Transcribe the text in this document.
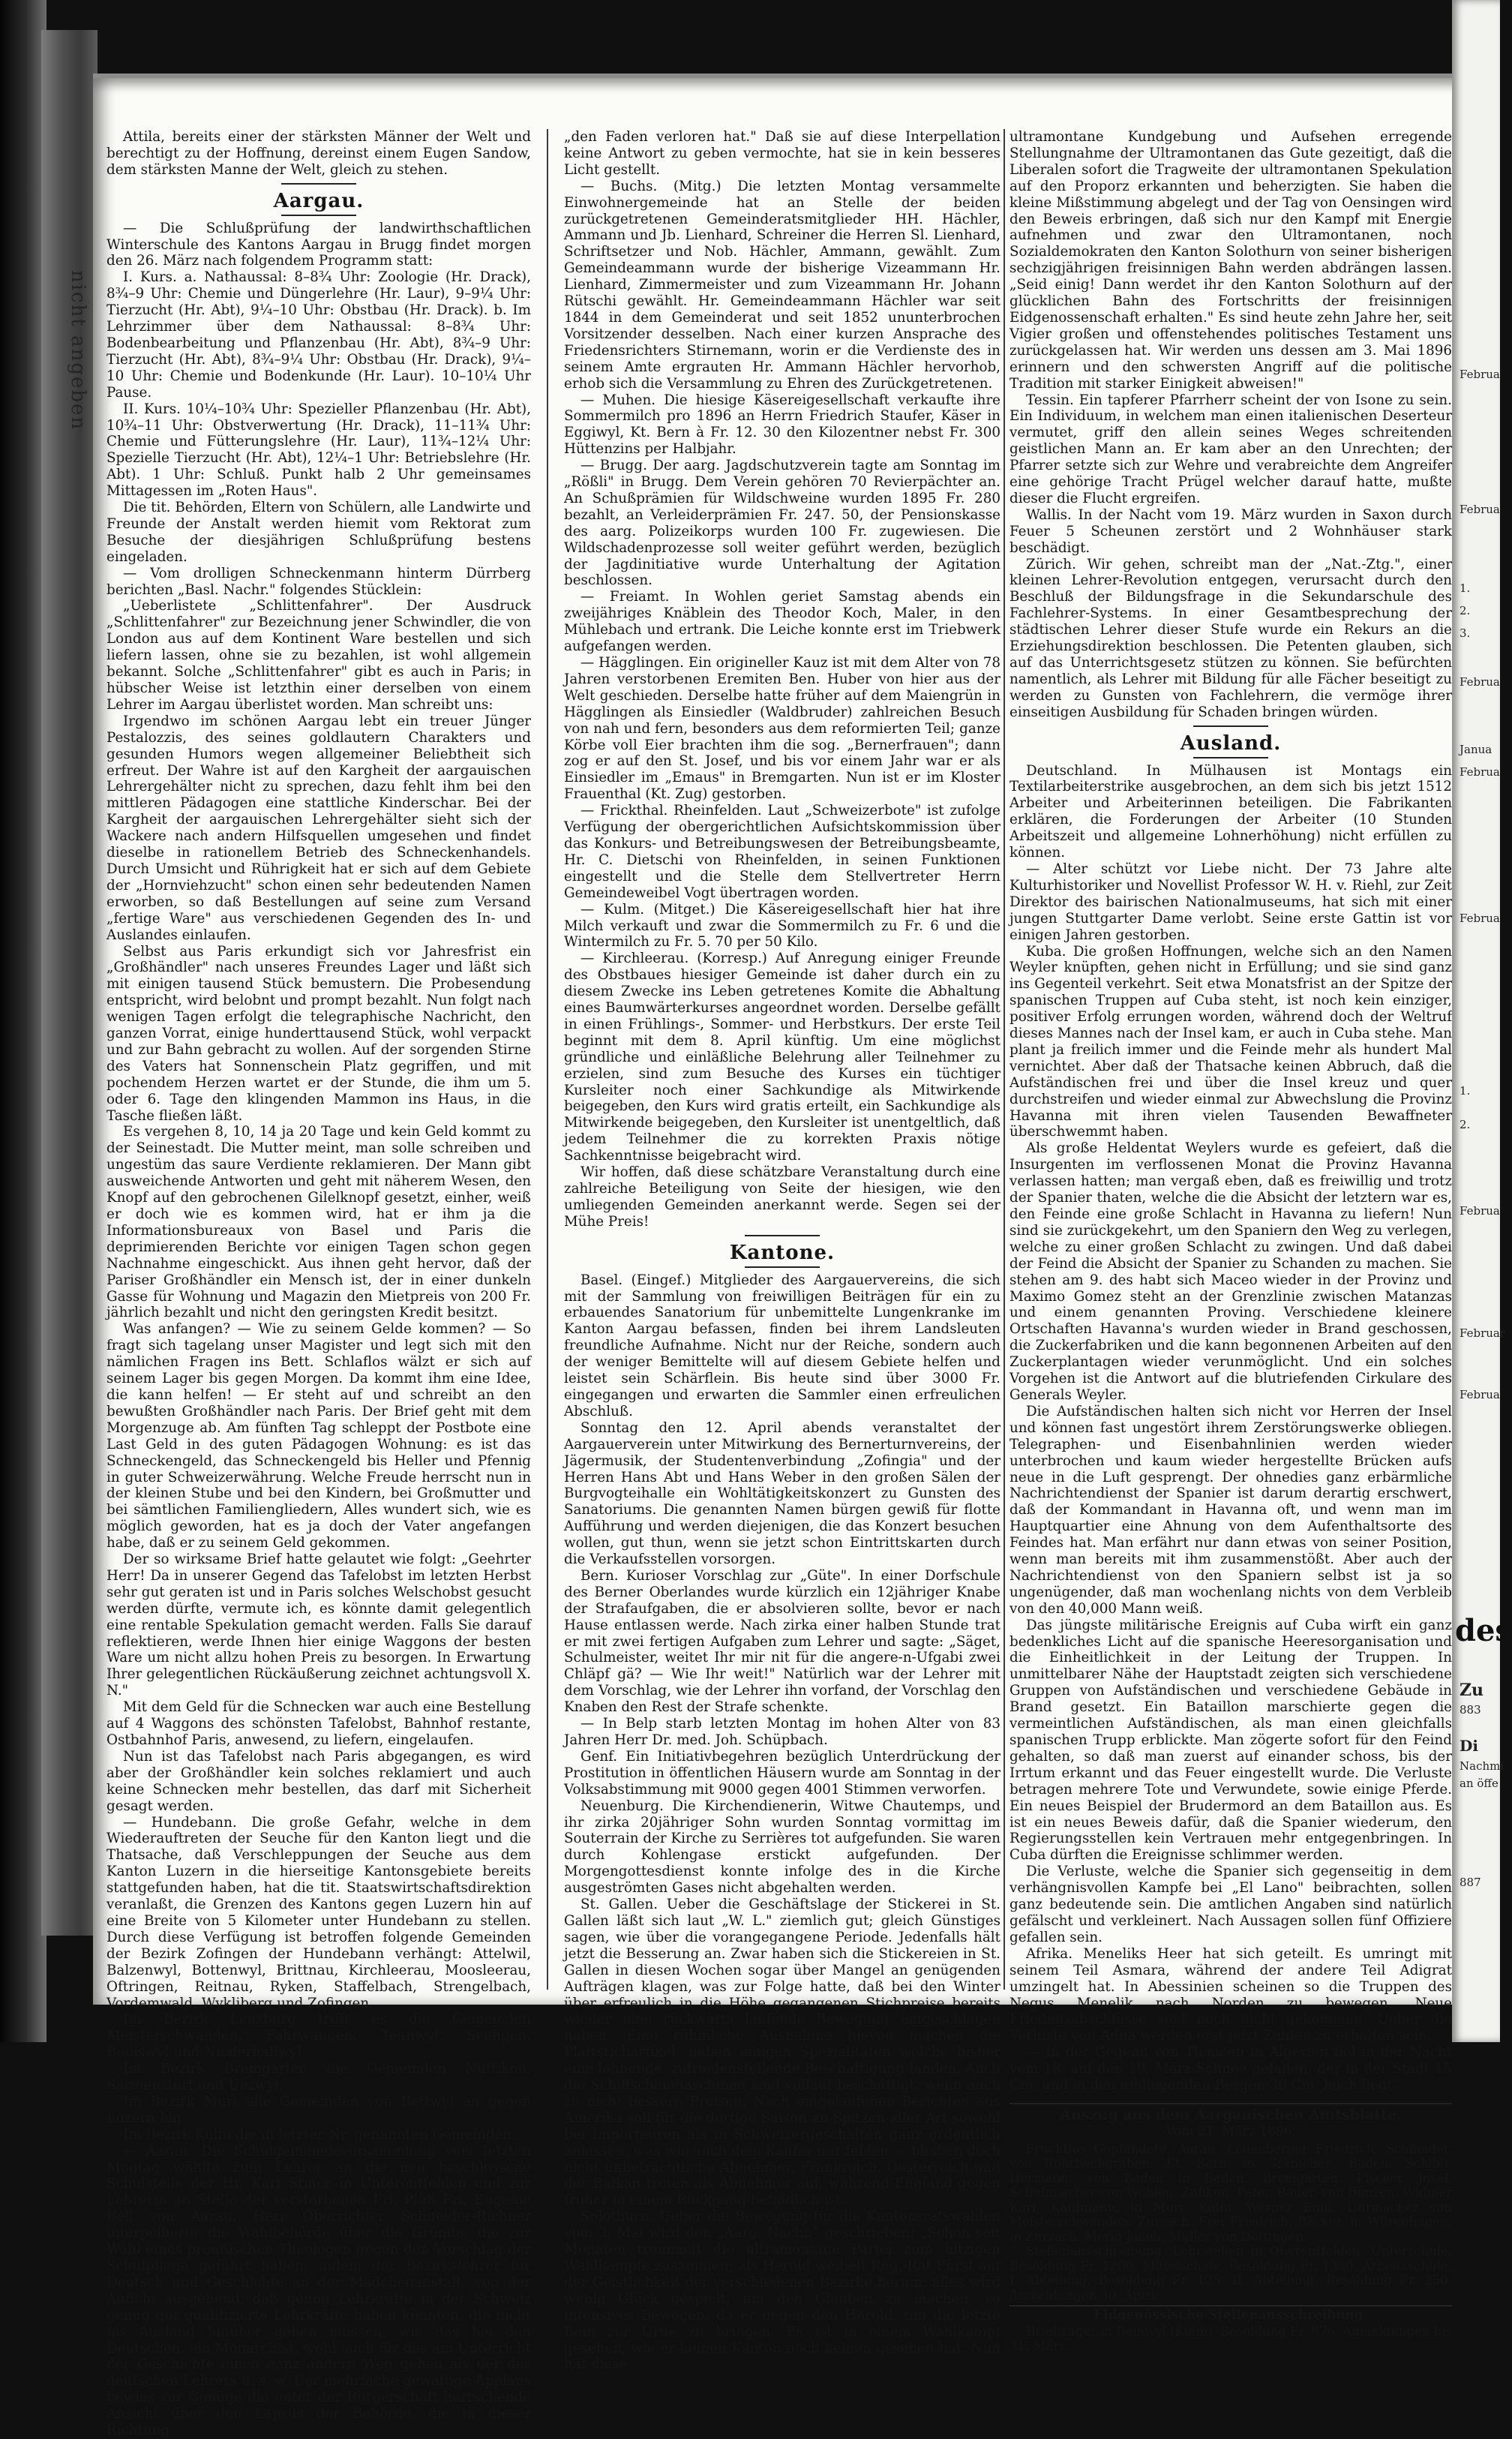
nicht angeben

Attila, bereits einer der stärksten Männer der Welt und berechtigt zu der Hoffnung, dereinst einem Eugen Sandow, dem stärksten Manne der Welt, gleich zu stehen.

Aargau.

— Die Schlußprüfung der landwirthschaftlichen Winterschule des Kantons Aargau in Brugg findet morgen den 26. März nach folgendem Programm statt:

I. Kurs. a. Nathaussal: 8–8¾ Uhr: Zoologie (Hr. Drack), 8¾–9 Uhr: Chemie und Düngerlehre (Hr. Laur), 9–9¼ Uhr: Tierzucht (Hr. Abt), 9¼–10 Uhr: Obstbau (Hr. Drack). b. Im Lehrzimmer über dem Nathaussal: 8–8¾ Uhr: Bodenbearbeitung und Pflanzenbau (Hr. Abt), 8¾–9 Uhr: Tierzucht (Hr. Abt), 8¾–9¼ Uhr: Obstbau (Hr. Drack), 9¼–10 Uhr: Chemie und Bodenkunde (Hr. Laur). 10–10¼ Uhr Pause.

II. Kurs. 10¼–10¾ Uhr: Spezieller Pflanzenbau (Hr. Abt), 10¾–11 Uhr: Obstverwertung (Hr. Drack), 11–11¾ Uhr: Chemie und Fütterungslehre (Hr. Laur), 11¾–12¼ Uhr: Spezielle Tierzucht (Hr. Abt), 12¼–1 Uhr: Betriebslehre (Hr. Abt). 1 Uhr: Schluß. Punkt halb 2 Uhr gemeinsames Mittagessen im „Roten Haus".

Die tit. Behörden, Eltern von Schülern, alle Landwirte und Freunde der Anstalt werden hiemit vom Rektorat zum Besuche der diesjährigen Schlußprüfung bestens eingeladen.

— Vom drolligen Schneckenmann hinterm Dürrberg berichten „Basl. Nachr." folgendes Stücklein:

„Ueberlistete „Schlittenfahrer". Der Ausdruck „Schlittenfahrer" zur Bezeichnung jener Schwindler, die von London aus auf dem Kontinent Ware bestellen und sich liefern lassen, ohne sie zu bezahlen, ist wohl allgemein bekannt. Solche „Schlittenfahrer" gibt es auch in Paris; in hübscher Weise ist letzthin einer derselben von einem Lehrer im Aargau überlistet worden. Man schreibt uns:

Irgendwo im schönen Aargau lebt ein treuer Jünger Pestalozzis, des seines goldlautern Charakters und gesunden Humors wegen allgemeiner Beliebtheit sich erfreut. Der Wahre ist auf den Kargheit der aargauischen Lehrergehälter nicht zu sprechen, dazu fehlt ihm bei den mittleren Pädagogen eine stattliche Kinderschar. Bei der Kargheit der aargauischen Lehrergehälter sieht sich der Wackere nach andern Hilfsquellen umgesehen und findet dieselbe in rationellem Betrieb des Schneckenhandels. Durch Umsicht und Rührigkeit hat er sich auf dem Gebiete der „Hornviehzucht" schon einen sehr bedeutenden Namen erworben, so daß Bestellungen auf seine zum Versand „fertige Ware" aus verschiedenen Gegenden des In- und Auslandes einlaufen.

Selbst aus Paris erkundigt sich vor Jahresfrist ein „Großhändler" nach unseres Freundes Lager und läßt sich mit einigen tausend Stück bemustern. Die Probesendung entspricht, wird belobnt und prompt bezahlt. Nun folgt nach wenigen Tagen erfolgt die telegraphische Nachricht, den ganzen Vorrat, einige hunderttausend Stück, wohl verpackt und zur Bahn gebracht zu wollen. Auf der sorgenden Stirne des Vaters hat Sonnenschein Platz gegriffen, und mit pochendem Herzen wartet er der Stunde, die ihm um 5. oder 6. Tage den klingenden Mammon ins Haus, in die Tasche fließen läßt.

Es vergehen 8, 10, 14 ja 20 Tage und kein Geld kommt zu der Seinestadt. Die Mutter meint, man solle schreiben und ungestüm das saure Verdiente reklamieren. Der Mann gibt ausweichende Antworten und geht mit näherem Wesen, den Knopf auf den gebrochenen Gilelknopf gesetzt, einher, weiß er doch wie es kommen wird, hat er ihm ja die Informationsbureaux von Basel und Paris die deprimierenden Berichte vor einigen Tagen schon gegen Nachnahme eingeschickt. Aus ihnen geht hervor, daß der Pariser Großhändler ein Mensch ist, der in einer dunkeln Gasse für Wohnung und Magazin den Mietpreis von 200 Fr. jährlich bezahlt und nicht den geringsten Kredit besitzt.

Was anfangen? — Wie zu seinem Gelde kommen? — So fragt sich tagelang unser Magister und legt sich mit den nämlichen Fragen ins Bett. Schlaflos wälzt er sich auf seinem Lager bis gegen Morgen. Da kommt ihm eine Idee, die kann helfen! — Er steht auf und schreibt an den bewußten Großhändler nach Paris. Der Brief geht mit dem Morgenzuge ab. Am fünften Tag schleppt der Postbote eine Last Geld in des guten Pädagogen Wohnung: es ist das Schneckengeld, das Schneckengeld bis Heller und Pfennig in guter Schweizerwährung. Welche Freude herrscht nun in der kleinen Stube und bei den Kindern, bei Großmutter und bei sämtlichen Familiengliedern, Alles wundert sich, wie es möglich geworden, hat es ja doch der Vater angefangen habe, daß er zu seinem Geld gekommen.

Der so wirksame Brief hatte gelautet wie folgt: „Geehrter Herr! Da in unserer Gegend das Tafelobst im letzten Herbst sehr gut geraten ist und in Paris solches Welschobst gesucht werden dürfte, vermute ich, es könnte damit gelegentlich eine rentable Spekulation gemacht werden. Falls Sie darauf reflektieren, werde Ihnen hier einige Waggons der besten Ware um nicht allzu hohen Preis zu besorgen. In Erwartung Ihrer gelegentlichen Rückäußerung zeichnet achtungsvoll X. N."

Mit dem Geld für die Schnecken war auch eine Bestellung auf 4 Waggons des schönsten Tafelobst, Bahnhof restante, Ostbahnhof Paris, anwesend, zu liefern, eingelaufen.

Nun ist das Tafelobst nach Paris abgegangen, es wird aber der Großhändler kein solches reklamiert und auch keine Schnecken mehr bestellen, das darf mit Sicherheit gesagt werden.

— Hundebann. Die große Gefahr, welche in dem Wiederauftreten der Seuche für den Kanton liegt und die Thatsache, daß Verschleppungen der Seuche aus dem Kanton Luzern in die hierseitige Kantonsgebiete bereits stattgefunden haben, hat die tit. Staatswirtschaftsdirektion veranlaßt, die Grenzen des Kantons gegen Luzern hin auf eine Breite von 5 Kilometer unter Hundebann zu stellen. Durch diese Verfügung ist betroffen folgende Gemeinden der Bezirk Zofingen der Hundebann verhängt: Attelwil, Balzenwyl, Bottenwyl, Brittnau, Kirchleerau, Moosleerau, Oftringen, Reitnau, Ryken, Staffelbach, Strengelbach, Vordemwald, Wykliberg und Zofingen.

Im Bezirk Lenzburg trifft es die Gemeinden Meisterschwanden, Fahrwangen, Tennwyl, Seengen, Boniswyl und Niederhallwyl.

Im Bezirk Bremgarten die Gemeinden Nüttikon, Sarmenstorf und Uezwyl.

Im Bezirk Muri alle Gemeinden von Bettwyl an gegen Luzern hin.

Im Bezirk Kulm die in letzter Nr. genannten Gemeinden.

— Aarau. Die Schulgemeindeversammlung vom letzten Montag wählte zum Lehrer an die neu beschlossene Schulstelle der Hr. Karl Stiner in Unterentfelden und zur Lehrerin an Stelle der verstorbenen Frl. Plüß Frl. Eugenie Bell von Aarau. Herr Oberrichter Schneider-Richner interpellierte die Wahlbehörde über die Gründe, die zur Wahl eines preußischen Theologen gegen den Vorschlag der Schulpflege geführt haben, indem der Bezirkslehrer für Deutsch und Geschichte an der Mädchenanstalt, von der Anficht ausgehend, daß genug Lehrkräfte in der Schweiz genug gut qualifizierte Lehrkräfte haben könnten, die nicht ins Ausland hinüber gehen müssen, wie das bei den Deutschen, ein Monarchist, wohl auch für das am Unterricht der Geschichte einen ganz andern Weg gehen als der des deutschen Lehrers u. s. w. Der mehrfache gewaltige Applaus bewies zur Genüge die unter der Bürgerschaft herrschende Ansicht über den Lapsus der Behörde, die in dieser Richtung

„den Faden verloren hat." Daß sie auf diese Interpellation keine Antwort zu geben vermochte, hat sie in kein besseres Licht gestellt.

— Buchs. (Mitg.) Die letzten Montag versammelte Einwohnergemeinde hat an Stelle der beiden zurückgetretenen Gemeinderatsmitglieder HH. Hächler, Ammann und Jb. Lienhard, Schreiner die Herren Sl. Lienhard, Schriftsetzer und Nob. Hächler, Ammann, gewählt. Zum Gemeindeammann wurde der bisherige Vizeammann Hr. Lienhard, Zimmermeister und zum Vizeammann Hr. Johann Rütschi gewählt. Hr. Gemeindeammann Hächler war seit 1844 in dem Gemeinderat und seit 1852 ununterbrochen Vorsitzender desselben. Nach einer kurzen Ansprache des Friedensrichters Stirnemann, worin er die Verdienste des in seinem Amte ergrauten Hr. Ammann Hächler hervorhob, erhob sich die Versammlung zu Ehren des Zurückgetretenen.

— Muhen. Die hiesige Käsereigesellschaft verkaufte ihre Sommermilch pro 1896 an Herrn Friedrich Staufer, Käser in Eggiwyl, Kt. Bern à Fr. 12. 30 den Kilozentner nebst Fr. 300 Hüttenzins per Halbjahr.

— Brugg. Der aarg. Jagdschutzverein tagte am Sonntag im „Rößli" in Brugg. Dem Verein gehören 70 Revierpächter an. An Schußprämien für Wildschweine wurden 1895 Fr. 280 bezahlt, an Verleiderprämien Fr. 247. 50, der Pensionskasse des aarg. Polizeikorps wurden 100 Fr. zugewiesen. Die Wildschadenprozesse soll weiter geführt werden, bezüglich der Jagdinitiative wurde Unterhaltung der Agitation beschlossen.

— Freiamt. In Wohlen geriet Samstag abends ein zweijähriges Knäblein des Theodor Koch, Maler, in den Mühlebach und ertrank. Die Leiche konnte erst im Triebwerk aufgefangen werden.

— Hägglingen. Ein origineller Kauz ist mit dem Alter von 78 Jahren verstorbenen Eremiten Ben. Huber von hier aus der Welt geschieden. Derselbe hatte früher auf dem Maiengrün in Hägglingen als Einsiedler (Waldbruder) zahlreichen Besuch von nah und fern, besonders aus dem reformierten Teil; ganze Körbe voll Eier brachten ihm die sog. „Bernerfrauen"; dann zog er auf den St. Josef, und bis vor einem Jahr war er als Einsiedler im „Emaus" in Bremgarten. Nun ist er im Kloster Frauenthal (Kt. Zug) gestorben.

— Frickthal. Rheinfelden. Laut „Schweizerbote" ist zufolge Verfügung der obergerichtlichen Aufsichtskommission über das Konkurs- und Betreibungswesen der Betreibungsbeamte, Hr. C. Dietschi von Rheinfelden, in seinen Funktionen eingestellt und die Stelle dem Stellvertreter Herrn Gemeindeweibel Vogt übertragen worden.

— Kulm. (Mitget.) Die Käsereigesellschaft hier hat ihre Milch verkauft und zwar die Sommermilch zu Fr. 6 und die Wintermilch zu Fr. 5. 70 per 50 Kilo.

— Kirchleerau. (Korresp.) Auf Anregung einiger Freunde des Obstbaues hiesiger Gemeinde ist daher durch ein zu diesem Zwecke ins Leben getretenes Komite die Abhaltung eines Baumwärterkurses angeordnet worden. Derselbe gefällt in einen Frühlings-, Sommer- und Herbstkurs. Der erste Teil beginnt mit dem 8. April künftig. Um eine möglichst gründliche und einläßliche Belehrung aller Teilnehmer zu erzielen, sind zum Besuche des Kurses ein tüchtiger Kursleiter noch einer Sachkundige als Mitwirkende beigegeben, den Kurs wird gratis erteilt, ein Sachkundige als Mitwirkende beigegeben, den Kursleiter ist unentgeltlich, daß jedem Teilnehmer die zu korrekten Praxis nötige Sachkenntnisse beigebracht wird.

Wir hoffen, daß diese schätzbare Veranstaltung durch eine zahlreiche Beteiligung von Seite der hiesigen, wie den umliegenden Gemeinden anerkannt werde. Segen sei der Mühe Preis!

Kantone.

Basel. (Eingef.) Mitglieder des Aargauervereins, die sich mit der Sammlung von freiwilligen Beiträgen für ein zu erbauendes Sanatorium für unbemittelte Lungenkranke im Kanton Aargau befassen, finden bei ihrem Landsleuten freundliche Aufnahme. Nicht nur der Reiche, sondern auch der weniger Bemittelte will auf diesem Gebiete helfen und leistet sein Schärflein. Bis heute sind über 3000 Fr. eingegangen und erwarten die Sammler einen erfreulichen Abschluß.

Sonntag den 12. April abends veranstaltet der Aargauerverein unter Mitwirkung des Bernerturnvereins, der Jägermusik, der Studentenverbindung „Zofingia" und der Herren Hans Abt und Hans Weber in den großen Sälen der Burgvogteihalle ein Wohltätigkeitskonzert zu Gunsten des Sanatoriums. Die genannten Namen bürgen gewiß für flotte Aufführung und werden diejenigen, die das Konzert besuchen wollen, gut thun, wenn sie jetzt schon Eintrittskarten durch die Verkaufsstellen vorsorgen.

Bern. Kurioser Vorschlag zur „Güte". In einer Dorfschule des Berner Oberlandes wurde kürzlich ein 12jähriger Knabe der Strafaufgaben, die er absolvieren sollte, bevor er nach Hause entlassen werde. Nach zirka einer halben Stunde trat er mit zwei fertigen Aufgaben zum Lehrer und sagte: „Säget, Schulmeister, weitet Ihr mir nit für die angere-n-Ufgabi zwei Chläpf gä? — Wie Ihr weit!" Natürlich war der Lehrer mit dem Vorschlag, wie der Lehrer ihn vorfand, der Vorschlag den Knaben den Rest der Strafe schenkte.

— In Belp starb letzten Montag im hohen Alter von 83 Jahren Herr Dr. med. Joh. Schüpbach.

Genf. Ein Initiativbegehren bezüglich Unterdrückung der Prostitution in öffentlichen Häusern wurde am Sonntag in der Volksabstimmung mit 9000 gegen 4001 Stimmen verworfen.

Neuenburg. Die Kirchendienerin, Witwe Chautemps, und ihr zirka 20jähriger Sohn wurden Sonntag vormittag im Souterrain der Kirche zu Serrières tot aufgefunden. Sie waren durch Kohlengase erstickt aufgefunden. Der Morgengottesdienst konnte infolge des in die Kirche ausgeströmten Gases nicht abgehalten werden.

St. Gallen. Ueber die Geschäftslage der Stickerei in St. Gallen läßt sich laut „W. L." ziemlich gut; gleich Günstiges sagen, wie über die vorangegangene Periode. Jedenfalls hält jetzt die Besserung an. Zwar haben sich die Stickereien in St. Gallen in diesen Wochen sogar über Mangel an genügenden Aufträgen klagen, was zur Folge hatte, daß bei den Winter über erfreulich in die Höhe gegangenen Stichpreise bereits wieder eine rückwärts laufende Bewegung eingeschlagen haben. Eine rühmliche Ausnahme hievon machen die Plattstichartikel, neben einigen Spezialitäten welche bisher eine lohnende, zufriedenstellende Beschäftigung fanden. Auch die Schiffschenmaschinen sind vollauf beschäftigt, wenn auch zu nicht bessern Preisen. Nach eingelaufenen Berichten aus Amerika soll für die dortige Saison an Spitzen aller Art sowohl bei Importeuren als in Schweizergeschäften ganz ordentlich anlassen, was wie auch dem Käufer nur fehlen — bleiben doch nicht unbeträchtliche Abnehmer. Frankreich, Oesterreich und der Balkan treten als Abnehmer auf, während England gegen früher in einem Rückgang befindlich ist.

Solothurn. Ueber die Bewegung für die Kantonsratswahlen vom 3. Mai wird den „Aarg. Nachr." geschrieben: „Schon seit Monaten trommelt die ultramontane Partei zum hitzigen Wahlkampfe zusammen; als Herold weibelt Reg.-Rat Fürst auf der Geistlichkeit der verschiedenen Bezirke herum; alles wird wenig Glück gespielt, um den Glauben zu machen, so intensives Bewegen, da er gegen den Herold, um die letzte Bein zur Urne zu bringen. Es ist in einem Wahlkampf gesehen, wie er keinen Kanton noch keinen gesehen hat. Nun hat diese

ultramontane Kundgebung und Aufsehen erregende Stellungnahme der Ultramontanen das Gute gezeitigt, daß die Liberalen sofort die Tragweite der ultramontanen Spekulation auf den Proporz erkannten und beherzigten. Sie haben die kleine Mißstimmung abgelegt und der Tag von Oensingen wird den Beweis erbringen, daß sich nur den Kampf mit Energie aufnehmen und zwar den Ultramontanen, noch Sozialdemokraten den Kanton Solothurn von seiner bisherigen sechzigjährigen freisinnigen Bahn werden abdrängen lassen. „Seid einig! Dann werdet ihr den Kanton Solothurn auf der glücklichen Bahn des Fortschritts der freisinnigen Eidgenossenschaft erhalten." Es sind heute zehn Jahre her, seit Vigier großen und offenstehendes politisches Testament uns zurückgelassen hat. Wir werden uns dessen am 3. Mai 1896 erinnern und den schwersten Angriff auf die politische Tradition mit starker Einigkeit abweisen!"

Tessin. Ein tapferer Pfarrherr scheint der von Isone zu sein. Ein Individuum, in welchem man einen italienischen Deserteur vermutet, griff den allein seines Weges schreitenden geistlichen Mann an. Er kam aber an den Unrechten; der Pfarrer setzte sich zur Wehre und verabreichte dem Angreifer eine gehörige Tracht Prügel welcher darauf hatte, mußte dieser die Flucht ergreifen.

Wallis. In der Nacht vom 19. März wurden in Saxon durch Feuer 5 Scheunen zerstört und 2 Wohnhäuser stark beschädigt.

Zürich. Wir gehen, schreibt man der „Nat.-Ztg.", einer kleinen Lehrer-Revolution entgegen, verursacht durch den Beschluß der Bildungsfrage in die Sekundarschule des Fachlehrer-Systems. In einer Gesamtbesprechung der städtischen Lehrer dieser Stufe wurde ein Rekurs an die Erziehungsdirektion beschlossen. Die Petenten glauben, sich auf das Unterrichtsgesetz stützen zu können. Sie befürchten namentlich, als Lehrer mit Bildung für alle Fächer beseitigt zu werden zu Gunsten von Fachlehrern, die vermöge ihrer einseitigen Ausbildung für Schaden bringen würden.

Ausland.

Deutschland. In Mülhausen ist Montags ein Textilarbeiterstrike ausgebrochen, an dem sich bis jetzt 1512 Arbeiter und Arbeiterinnen beteiligen. Die Fabrikanten erklären, die Forderungen der Arbeiter (10 Stunden Arbeitszeit und allgemeine Lohnerhöhung) nicht erfüllen zu können.

— Alter schützt vor Liebe nicht. Der 73 Jahre alte Kulturhistoriker und Novellist Professor W. H. v. Riehl, zur Zeit Direktor des bairischen Nationalmuseums, hat sich mit einer jungen Stuttgarter Dame verlobt. Seine erste Gattin ist vor einigen Jahren gestorben.

Kuba. Die großen Hoffnungen, welche sich an den Namen Weyler knüpften, gehen nicht in Erfüllung; und sie sind ganz ins Gegenteil verkehrt. Seit etwa Monatsfrist an der Spitze der spanischen Truppen auf Cuba steht, ist noch kein einziger, positiver Erfolg errungen worden, während doch der Weltruf dieses Mannes nach der Insel kam, er auch in Cuba stehe. Man plant ja freilich immer und die Feinde mehr als hundert Mal vernichtet. Aber daß der Thatsache keinen Abbruch, daß die Aufständischen frei und über die Insel kreuz und quer durchstreifen und wieder einmal zur Abwechslung die Provinz Havanna mit ihren vielen Tausenden Bewaffneter überschwemmt haben.

Als große Heldentat Weylers wurde es gefeiert, daß die Insurgenten im verflossenen Monat die Provinz Havanna verlassen hatten; man vergaß eben, daß es freiwillig und trotz der Spanier thaten, welche die die Absicht der letztern war es, den Feinde eine große Schlacht in Havanna zu liefern! Nun sind sie zurückgekehrt, um den Spaniern den Weg zu verlegen, welche zu einer großen Schlacht zu zwingen. Und daß dabei der Feind die Absicht der Spanier zu Schanden zu machen. Sie stehen am 9. des habt sich Maceo wieder in der Provinz und Maximo Gomez steht an der Grenzlinie zwischen Matanzas und einem genannten Proving. Verschiedene kleinere Ortschaften Havanna's wurden wieder in Brand geschossen, die Zuckerfabriken und die kann begonnenen Arbeiten auf den Zuckerplantagen wieder verunmöglicht. Und ein solches Vorgehen ist die Antwort auf die blutriefenden Cirkulare des Generals Weyler.

Die Aufständischen halten sich nicht vor Herren der Insel und können fast ungestört ihrem Zerstörungswerke obliegen. Telegraphen- und Eisenbahnlinien werden wieder unterbrochen und kaum wieder hergestellte Brücken aufs neue in die Luft gesprengt. Der ohnedies ganz erbärmliche Nachrichtendienst der Spanier ist darum derartig erschwert, daß der Kommandant in Havanna oft, und wenn man im Hauptquartier eine Ahnung von dem Aufenthaltsorte des Feindes hat. Man erfährt nur dann etwas von seiner Position, wenn man bereits mit ihm zusammenstößt. Aber auch der Nachrichtendienst von den Spaniern selbst ist ja so ungenügender, daß man wochenlang nichts von dem Verbleib von den 40,000 Mann weiß.

Das jüngste militärische Ereignis auf Cuba wirft ein ganz bedenkliches Licht auf die spanische Heeresorganisation und die Einheitlichkeit in der Leitung der Truppen. In unmittelbarer Nähe der Hauptstadt zeigten sich verschiedene Gruppen von Aufständischen und verschiedene Gebäude in Brand gesetzt. Ein Bataillon marschierte gegen die vermeintlichen Aufständischen, als man einen gleichfalls spanischen Trupp erblickte. Man zögerte sofort für den Feind gehalten, so daß man zuerst auf einander schoss, bis der Irrtum erkannt und das Feuer eingestellt wurde. Die Verluste betragen mehrere Tote und Verwundete, sowie einige Pferde. Ein neues Beispiel der Brudermord an dem Bataillon aus. Es ist ein neues Beweis dafür, daß die Spanier wiederum, den Regierungsstellen kein Vertrauen mehr entgegenbringen. In Cuba dürften die Ereignisse schlimmer werden.

Die Verluste, welche die Spanier sich gegenseitig in dem verhängnisvollen Kampfe bei „El Lano" beibrachten, sollen ganz bedeutende sein. Die amtlichen Angaben sind natürlich gefälscht und verkleinert. Nach Aussagen sollen fünf Offiziere gefallen sein.

Afrika. Meneliks Heer hat sich geteilt. Es umringt mit seinem Teil Asmara, während der andere Teil Adigrat umzingelt hat. In Abessinien scheinen so die Truppen des Negus Menelik nach Norden zu bewegen. Neue Friedensabschlüsse sind noch nicht gekommen. Ueber die Verluste von Adua werden erst jetzt Zahlen zu erhalten sein.

— In der Gegend von Tlemcen in Algerien fiel in der Nacht vom 18. auf den 19. März Schnee gefallen, der in der Stadt 15 Cm. und in den umliegenden Bergen 30 Cm. hoch liegt.

Auszug aus dem Aargauischen Amtsblatte.

Vom 21. März 1896.

Fruchtlos Gepfändete. Aarau. Leuenberger Friedrich, Schneider, von Rohrbachgraben, Kt. Bern, in Gränichen. Baden. Schibli, Hermann, von Baden in Baden. Bremgarten. Fischer Josef, Schuhmacher von Wohlen. Zufikon. Peter, Bauer, von Bünzen. Widmer Karl, Kaufmann, in Muri. Kulm. Werner Emil, Uhrmacher von Meisterschwanden. Zurzach. Frei Friedrich, Bäcker, in Würenlingen, in Zurzach. Merki Jakob, Müller von Döttingen.

Stellenausschreibung. Lehrstellen in Oberentfelden: Unterschule, Besoldung Fr. 1200. Mittelschule, Besoldung Fr. 1300. Arbeitsschule, I. Abteilung, Besoldung Fr. 125, II. Abteilung, Besoldung Fr. 250. Anmeldungen 30. April.

Eidgenössische Stellenausschreibung.

Briefträger in Beinwyl (Kulm). Besoldung Fr. 876. Anmeldungen bis 31. März.

Februa
Februa
1.
2.
3.
Februa
Janua
Februa
Februa
1.
2.
Februa
Februar
Februa
des
Zu
883
Di
Nachmi
an öffe
887
